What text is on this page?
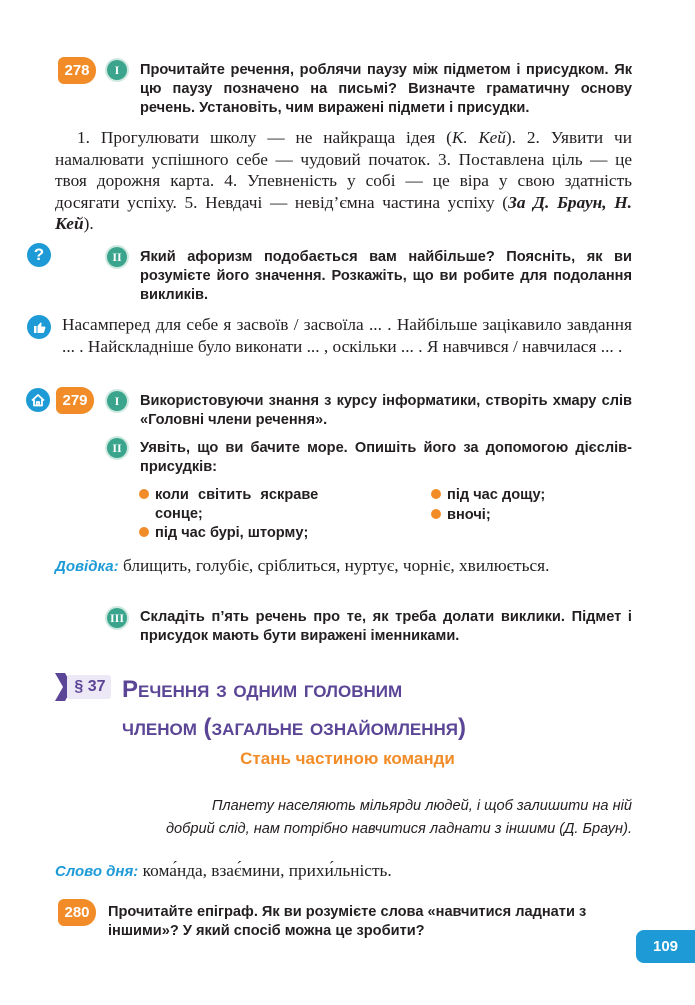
278	I	Прочитайте речення, роблячи паузу між підметом і присудком. Як цю паузу позначено на письмі? Визначте граматичну основу речень. Установіть, чим виражені підмети і присудки.
1. Прогулювати школу — не найкраща ідея (К. Кей). 2. Уявити чи намалювати успішного себе — чудовий початок. 3. Поставлена ціль — це твоя дорожня карта. 4. Упевненість у собі — це віра у свою здатність досягати успіху. 5. Невдачі — невід’ємна частина успіху (За Д. Браун, Н. Кей).
?	II	Який афоризм подобається вам найбільше? Поясніть, як ви розумієте його значення. Розкажіть, що ви робите для подолання викликів.
Насамперед для себе я засвоїв / засвоїла ... . Найбільше зацікавило завдання ... . Найскладніше було виконати ... , оскільки ... . Я навчився / навчилася ... .
279	I	Використовуючи знання з курсу інформатики, створіть хмару слів «Головні члени речення».
II	Уявіть, що ви бачите море. Опишіть його за допомогою дієслів-присудків:
коли світить яскраве
сонце;
під час бурі, штормy;
під час дощу;
вночі;
Довідка: блищить, голубіє, сріблиться, нуртує, чорніє, хвилюється.
III Складіть п’ять речень про те, як треба долати виклики. Підмет і присудок мають бути виражені іменниками.
§ 37 Речення з одним головним
членом (загальне ознайомлення)
Стань частиною команди
Планету населяють мільярди людей, і щоб залишити на ній
добрий слід, нам потрібно навчитися ладнати з іншими (Д. Браун).
Слово дня: кома́нда, взає́мини, прихи́льність.
280	Прочитайте епіграф. Як ви розумієте слова «навчитися ладнати з іншими»? У який спосіб можна це зробити?
109
